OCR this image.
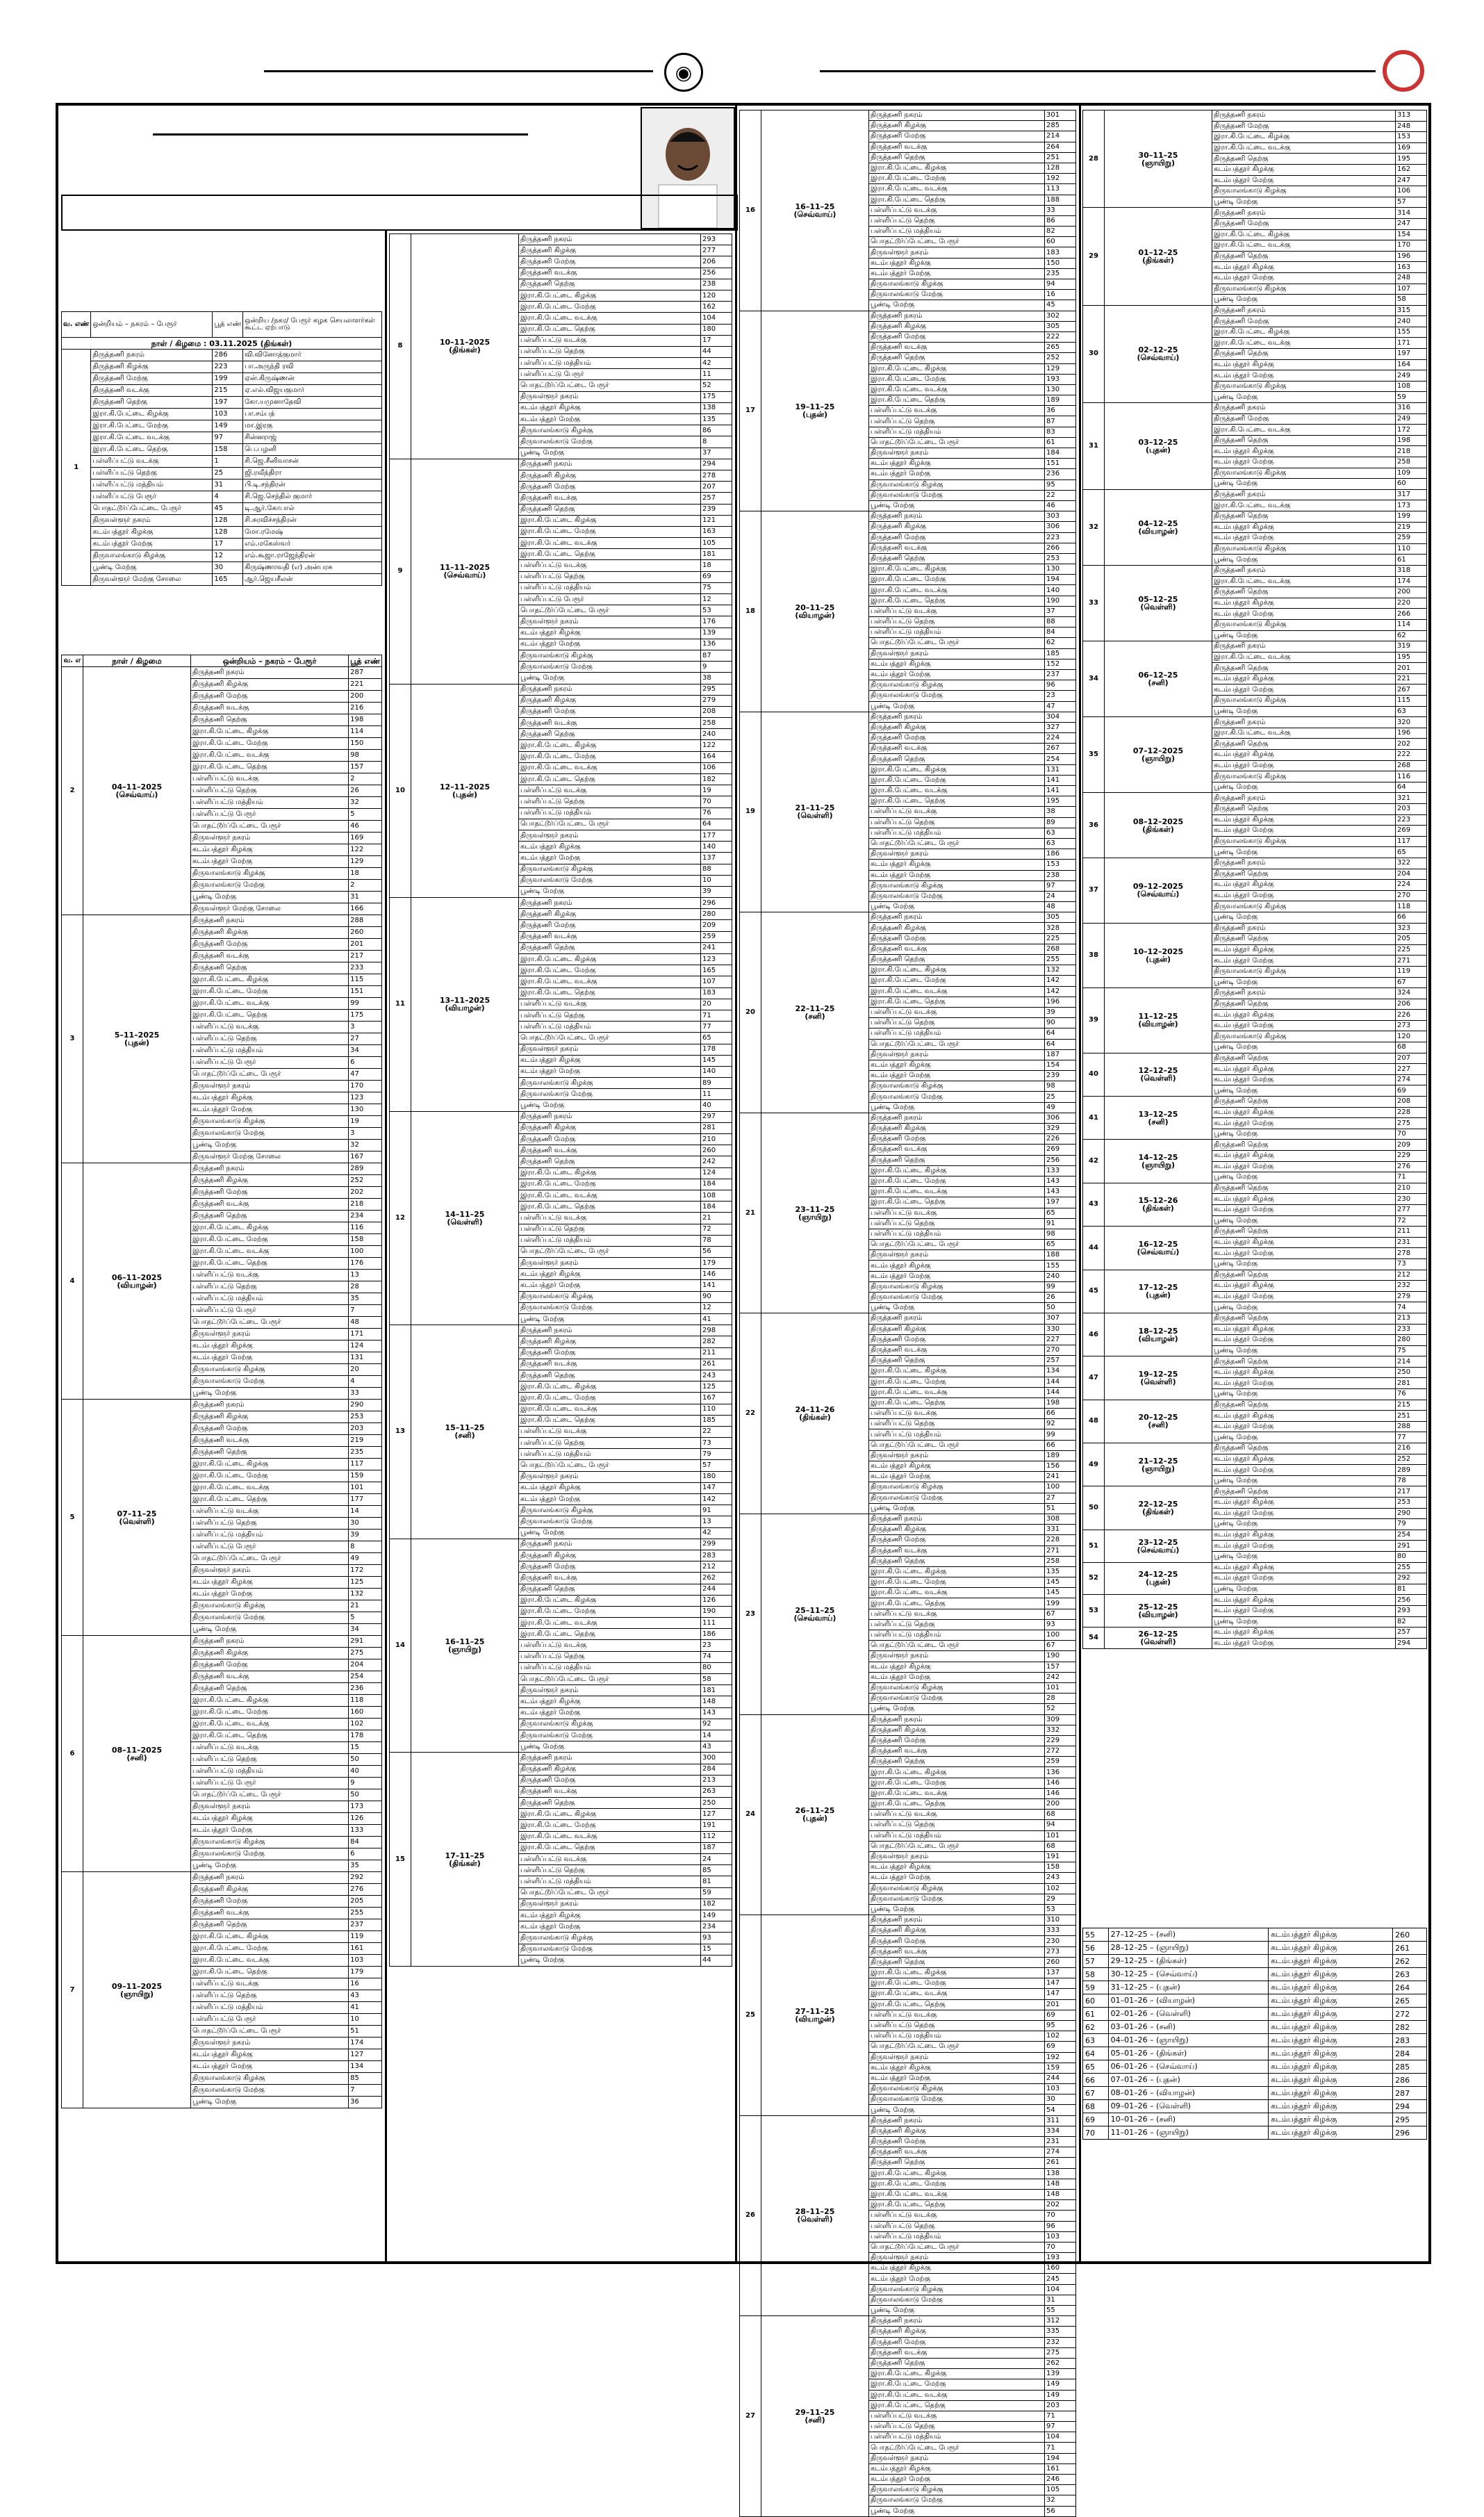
◉
வ. எண்	ஒன்றியம் – நகரம் – பேரூர்	பூத் எண்	ஒன்றிய /நகர/ பேரூர் கழக செயலாளர்கள் கூட்ட ஏற்பாடு
நாள் / கிழமை : 03.11.2025 (திங்கள்)			
1	திருத்தணி நகரம்	286	வி.வினோத்குமார்
	திருத்தணி கிழக்கு	223	பா.அருந்தி ரவி
	திருத்தணி மேற்கு	199	ஏன்.கிருஷ்ணன்
	திருத்தணி வடக்கு	215	ஏ.எல்.விஜயகுமார்
	திருத்தணி தெற்கு	197	கோ.யமுனாதேவி
	இரா.கி.பேட்டை கிழக்கு	103	பா.சம்பத்
	இரா.கி.பேட்டை மேற்கு	149	மா.இரகு
	இரா.கி.பேட்டை வடக்கு	97	சின்னராஜ்
	இரா.கி.பேட்டை தெற்கு	158	பெ.பழனி
	பள்ளிப்பட்டு வடக்கு	1	சி.ஜெ.சீனிவாசன்
	பள்ளிப்பட்டு தெற்கு	25	ஜி.ரவீந்திரா
	பள்ளிப்பட்டு மத்தியம்	31	பி.டி.சந்திரன்
	பள்ளிப்பட்டு பேரூர்	4	சி.ஜெ.செந்தில் குமார்
	பொதட்டூர்ப்பேட்டை பேரூர்	45	டி.ஆர்.கோபால்
	திருவள்ளூர் நகரம்	128	சி.சுரவிச்சந்திரன்
	கடம்பத்தூர் கிழக்கு	128	மோ.ரமேஷ்
	கடம்பத்தூர் மேற்கு	17	எம்.மகேஸ்வர்
	திருவாலங்காடு கிழக்கு	12	எம்.கூஜா.ராஜேந்திரன்
	பூண்டி மேற்கு	30	கிருஷ்ணாவதி (எ) அன்பரசு
	திருவள்ளூர் மேற்கு சோலை	165	ஆர்.ஜெயசீலன்
வ. எ	நாள் / கிழமை	ஒன்றியம் – நகரம் – பேரூர்	பூத் எண்
2	04–11–2025
(செவ்வாய்)	திருத்தணி நகரம்	287
		திருத்தணி கிழக்கு	221
		திருத்தணி மேற்கு	200
		திருத்தணி வடக்கு	216
		திருத்தணி தெற்கு	198
		இரா.கி.பேட்டை கிழக்கு	114
		இரா.கி.பேட்டை மேற்கு	150
		இரா.கி.பேட்டை வடக்கு	98
		இரா.கி.பேட்டை தெற்கு	157
		பள்ளிப்பட்டு வடக்கு	2
		பள்ளிப்பட்டு தெற்கு	26
		பள்ளிப்பட்டு மத்தியம்	32
		பள்ளிப்பட்டு பேரூர்	5
		பொதட்டூர்ப்பேட்டை பேரூர்	46
		திருவள்ளூர் நகரம்	169
		கடம்பத்தூர் கிழக்கு	122
		கடம்பத்தூர் மேற்கு	129
		திருவாலங்காடு கிழக்கு	18
		திருவாலங்காடு மேற்கு	2
		பூண்டி மேற்கு	31
		திருவள்ளூர் மேற்கு சோலை	166
3	5–11–2025
(புதன்)	திருத்தணி நகரம்	288
		திருத்தணி கிழக்கு	260
		திருத்தணி மேற்கு	201
		திருத்தணி வடக்கு	217
		திருத்தணி தெற்கு	233
		இரா.கி.பேட்டை கிழக்கு	115
		இரா.கி.பேட்டை மேற்கு	151
		இரா.கி.பேட்டை வடக்கு	99
		இரா.கி.பேட்டை தெற்கு	175
		பள்ளிப்பட்டு வடக்கு	3
		பள்ளிப்பட்டு தெற்கு	27
		பள்ளிப்பட்டு மத்தியம்	34
		பள்ளிப்பட்டு பேரூர்	6
		பொதட்டூர்ப்பேட்டை பேரூர்	47
		திருவள்ளூர் நகரம்	170
		கடம்பத்தூர் கிழக்கு	123
		கடம்பத்தூர் மேற்கு	130
		திருவாலங்காடு கிழக்கு	19
		திருவாலங்காடு மேற்கு	3
		பூண்டி மேற்கு	32
		திருவள்ளூர் மேற்கு சோலை	167
4	06–11–2025
(வியாழன்)	திருத்தணி நகரம்	289
		திருத்தணி கிழக்கு	252
		திருத்தணி மேற்கு	202
		திருத்தணி வடக்கு	218
		திருத்தணி தெற்கு	234
		இரா.கி.பேட்டை கிழக்கு	116
		இரா.கி.பேட்டை மேற்கு	158
		இரா.கி.பேட்டை வடக்கு	100
		இரா.கி.பேட்டை தெற்கு	176
		பள்ளிப்பட்டு வடக்கு	13
		பள்ளிப்பட்டு தெற்கு	28
		பள்ளிப்பட்டு மத்தியம்	35
		பள்ளிப்பட்டு பேரூர்	7
		பொதட்டூர்ப்பேட்டை பேரூர்	48
		திருவள்ளூர் நகரம்	171
		கடம்பத்தூர் கிழக்கு	124
		கடம்பத்தூர் மேற்கு	131
		திருவாலங்காடு கிழக்கு	20
		திருவாலங்காடு மேற்கு	4
		பூண்டி மேற்கு	33
5	07–11–25
(வெள்ளி)	திருத்தணி நகரம்	290
		திருத்தணி கிழக்கு	253
		திருத்தணி மேற்கு	203
		திருத்தணி வடக்கு	219
		திருத்தணி தெற்கு	235
		இரா.கி.பேட்டை கிழக்கு	117
		இரா.கி.பேட்டை மேற்கு	159
		இரா.கி.பேட்டை வடக்கு	101
		இரா.கி.பேட்டை தெற்கு	177
		பள்ளிப்பட்டு வடக்கு	14
		பள்ளிப்பட்டு தெற்கு	30
		பள்ளிப்பட்டு மத்தியம்	39
		பள்ளிப்பட்டு பேரூர்	8
		பொதட்டூர்ப்பேட்டை பேரூர்	49
		திருவள்ளூர் நகரம்	172
		கடம்பத்தூர் கிழக்கு	125
		கடம்பத்தூர் மேற்கு	132
		திருவாலங்காடு கிழக்கு	21
		திருவாலங்காடு மேற்கு	5
		பூண்டி மேற்கு	34
6	08–11–2025
(சனி)	திருத்தணி நகரம்	291
		திருத்தணி கிழக்கு	275
		திருத்தணி மேற்கு	204
		திருத்தணி வடக்கு	254
		திருத்தணி தெற்கு	236
		இரா.கி.பேட்டை கிழக்கு	118
		இரா.கி.பேட்டை மேற்கு	160
		இரா.கி.பேட்டை வடக்கு	102
		இரா.கி.பேட்டை தெற்கு	178
		பள்ளிப்பட்டு வடக்கு	15
		பள்ளிப்பட்டு தெற்கு	50
		பள்ளிப்பட்டு மத்தியம்	40
		பள்ளிப்பட்டு பேரூர்	9
		பொதட்டூர்ப்பேட்டை பேரூர்	50
		திருவள்ளூர் நகரம்	173
		கடம்பத்தூர் கிழக்கு	126
		கடம்பத்தூர் மேற்கு	133
		திருவாலங்காடு கிழக்கு	84
		திருவாலங்காடு மேற்கு	6
		பூண்டி மேற்கு	35
7	09–11–2025
(ஞாயிறு)	திருத்தணி நகரம்	292
		திருத்தணி கிழக்கு	276
		திருத்தணி மேற்கு	205
		திருத்தணி வடக்கு	255
		திருத்தணி தெற்கு	237
		இரா.கி.பேட்டை கிழக்கு	119
		இரா.கி.பேட்டை மேற்கு	161
		இரா.கி.பேட்டை வடக்கு	103
		இரா.கி.பேட்டை தெற்கு	179
		பள்ளிப்பட்டு வடக்கு	16
		பள்ளிப்பட்டு தெற்கு	43
		பள்ளிப்பட்டு மத்தியம்	41
		பள்ளிப்பட்டு பேரூர்	10
		பொதட்டூர்ப்பேட்டை பேரூர்	51
		திருவள்ளூர் நகரம்	174
		கடம்பத்தூர் கிழக்கு	127
		கடம்பத்தூர் மேற்கு	134
		திருவாலங்காடு கிழக்கு	85
		திருவாலங்காடு மேற்கு	7
		பூண்டி மேற்கு	36
8	10–11–2025
(திங்கள்)	திருத்தணி நகரம்	293
		திருத்தணி கிழக்கு	277
		திருத்தணி மேற்கு	206
		திருத்தணி வடக்கு	256
		திருத்தணி தெற்கு	238
		இரா.கி.பேட்டை கிழக்கு	120
		இரா.கி.பேட்டை மேற்கு	162
		இரா.கி.பேட்டை வடக்கு	104
		இரா.கி.பேட்டை தெற்கு	180
		பள்ளிப்பட்டு வடக்கு	17
		பள்ளிப்பட்டு தெற்கு	44
		பள்ளிப்பட்டு மத்தியம்	42
		பள்ளிப்பட்டு பேரூர்	11
		பொதட்டூர்ப்பேட்டை பேரூர்	52
		திருவள்ளூர் நகரம்	175
		கடம்பத்தூர் கிழக்கு	138
		கடம்பத்தூர் மேற்கு	135
		திருவாலங்காடு கிழக்கு	86
		திருவாலங்காடு மேற்கு	8
		பூண்டி மேற்கு	37
9	11–11–2025
(செவ்வாய்)	திருத்தணி நகரம்	294
		திருத்தணி கிழக்கு	278
		திருத்தணி மேற்கு	207
		திருத்தணி வடக்கு	257
		திருத்தணி தெற்கு	239
		இரா.கி.பேட்டை கிழக்கு	121
		இரா.கி.பேட்டை மேற்கு	163
		இரா.கி.பேட்டை வடக்கு	105
		இரா.கி.பேட்டை தெற்கு	181
		பள்ளிப்பட்டு வடக்கு	18
		பள்ளிப்பட்டு தெற்கு	69
		பள்ளிப்பட்டு மத்தியம்	75
		பள்ளிப்பட்டு பேரூர்	12
		பொதட்டூர்ப்பேட்டை பேரூர்	53
		திருவள்ளூர் நகரம்	176
		கடம்பத்தூர் கிழக்கு	139
		கடம்பத்தூர் மேற்கு	136
		திருவாலங்காடு கிழக்கு	87
		திருவாலங்காடு மேற்கு	9
		பூண்டி மேற்கு	38
10	12–11–2025
(புதன்)	திருத்தணி நகரம்	295
		திருத்தணி கிழக்கு	279
		திருத்தணி மேற்கு	208
		திருத்தணி வடக்கு	258
		திருத்தணி தெற்கு	240
		இரா.கி.பேட்டை கிழக்கு	122
		இரா.கி.பேட்டை மேற்கு	164
		இரா.கி.பேட்டை வடக்கு	106
		இரா.கி.பேட்டை தெற்கு	182
		பள்ளிப்பட்டு வடக்கு	19
		பள்ளிப்பட்டு தெற்கு	70
		பள்ளிப்பட்டு மத்தியம்	76
		பொதட்டூர்ப்பேட்டை பேரூர்	64
		திருவள்ளூர் நகரம்	177
		கடம்பத்தூர் கிழக்கு	140
		கடம்பத்தூர் மேற்கு	137
		திருவாலங்காடு கிழக்கு	88
		திருவாலங்காடு மேற்கு	10
		பூண்டி மேற்கு	39
11	13–11–2025
(வியாழன்)	திருத்தணி நகரம்	296
		திருத்தணி கிழக்கு	280
		திருத்தணி மேற்கு	209
		திருத்தணி வடக்கு	259
		திருத்தணி தெற்கு	241
		இரா.கி.பேட்டை கிழக்கு	123
		இரா.கி.பேட்டை மேற்கு	165
		இரா.கி.பேட்டை வடக்கு	107
		இரா.கி.பேட்டை தெற்கு	183
		பள்ளிப்பட்டு வடக்கு	20
		பள்ளிப்பட்டு தெற்கு	71
		பள்ளிப்பட்டு மத்தியம்	77
		பொதட்டூர்ப்பேட்டை பேரூர்	65
		திருவள்ளூர் நகரம்	178
		கடம்பத்தூர் கிழக்கு	145
		கடம்பத்தூர் மேற்கு	140
		திருவாலங்காடு கிழக்கு	89
		திருவாலங்காடு மேற்கு	11
		பூண்டி மேற்கு	40
12	14–11–25
(வெள்ளி)	திருத்தணி நகரம்	297
		திருத்தணி கிழக்கு	281
		திருத்தணி மேற்கு	210
		திருத்தணி வடக்கு	260
		திருத்தணி தெற்கு	242
		இரா.கி.பேட்டை கிழக்கு	124
		இரா.கி.பேட்டை மேற்கு	184
		இரா.கி.பேட்டை வடக்கு	108
		இரா.கி.பேட்டை தெற்கு	184
		பள்ளிப்பட்டு வடக்கு	21
		பள்ளிப்பட்டு தெற்கு	72
		பள்ளிப்பட்டு மத்தியம்	78
		பொதட்டூர்ப்பேட்டை பேரூர்	56
		திருவள்ளூர் நகரம்	179
		கடம்பத்தூர் கிழக்கு	146
		கடம்பத்தூர் மேற்கு	141
		திருவாலங்காடு கிழக்கு	90
		திருவாலங்காடு மேற்கு	12
		பூண்டி மேற்கு	41
13	15–11–25
(சனி)	திருத்தணி நகரம்	298
		திருத்தணி கிழக்கு	282
		திருத்தணி மேற்கு	211
		திருத்தணி வடக்கு	261
		திருத்தணி தெற்கு	243
		இரா.கி.பேட்டை கிழக்கு	125
		இரா.கி.பேட்டை மேற்கு	167
		இரா.கி.பேட்டை வடக்கு	110
		இரா.கி.பேட்டை தெற்கு	185
		பள்ளிப்பட்டு வடக்கு	22
		பள்ளிப்பட்டு தெற்கு	73
		பள்ளிப்பட்டு மத்தியம்	79
		பொதட்டூர்ப்பேட்டை பேரூர்	57
		திருவள்ளூர் நகரம்	180
		கடம்பத்தூர் கிழக்கு	147
		கடம்பத்தூர் மேற்கு	142
		திருவாலங்காடு கிழக்கு	91
		திருவாலங்காடு மேற்கு	13
		பூண்டி மேற்கு	42
14	16–11–25
(ஞாயிறு)	திருத்தணி நகரம்	299
		திருத்தணி கிழக்கு	283
		திருத்தணி மேற்கு	212
		திருத்தணி வடக்கு	262
		திருத்தணி தெற்கு	244
		இரா.கி.பேட்டை கிழக்கு	126
		இரா.கி.பேட்டை மேற்கு	190
		இரா.கி.பேட்டை வடக்கு	111
		இரா.கி.பேட்டை தெற்கு	186
		பள்ளிப்பட்டு வடக்கு	23
		பள்ளிப்பட்டு தெற்கு	74
		பள்ளிப்பட்டு மத்தியம்	80
		பொதட்டூர்ப்பேட்டை பேரூர்	58
		திருவள்ளூர் நகரம்	181
		கடம்பத்தூர் கிழக்கு	148
		கடம்பத்தூர் மேற்கு	143
		திருவாலங்காடு கிழக்கு	92
		திருவாலங்காடு மேற்கு	14
		பூண்டி மேற்கு	43
15	17–11–25
(திங்கள்)	திருத்தணி நகரம்	300
		திருத்தணி கிழக்கு	284
		திருத்தணி மேற்கு	213
		திருத்தணி வடக்கு	263
		திருத்தணி தெற்கு	250
		இரா.கி.பேட்டை கிழக்கு	127
		இரா.கி.பேட்டை மேற்கு	191
		இரா.கி.பேட்டை வடக்கு	112
		இரா.கி.பேட்டை தெற்கு	187
		பள்ளிப்பட்டு வடக்கு	24
		பள்ளிப்பட்டு தெற்கு	85
		பள்ளிப்பட்டு மத்தியம்	81
		பொதட்டூர்ப்பேட்டை பேரூர்	59
		திருவள்ளூர் நகரம்	182
		கடம்பத்தூர் கிழக்கு	149
		கடம்பத்தூர் மேற்கு	234
		திருவாலங்காடு கிழக்கு	93
		திருவாலங்காடு மேற்கு	15
		பூண்டி மேற்கு	44
16	16–11–25
(செவ்வாய்)	திருத்தணி நகரம்	301
		திருத்தணி கிழக்கு	285
		திருத்தணி மேற்கு	214
		திருத்தணி வடக்கு	264
		திருத்தணி தெற்கு	251
		இரா.கி.பேட்டை கிழக்கு	128
		இரா.கி.பேட்டை மேற்கு	192
		இரா.கி.பேட்டை வடக்கு	113
		இரா.கி.பேட்டை தெற்கு	188
		பள்ளிப்பட்டு வடக்கு	33
		பள்ளிப்பட்டு தெற்கு	86
		பள்ளிப்பட்டு மத்தியம்	82
		பொதட்டூர்ப்பேட்டை பேரூர்	60
		திருவள்ளூர் நகரம்	183
		கடம்பத்தூர் கிழக்கு	150
		கடம்பத்தூர் மேற்கு	235
		திருவாலங்காடு கிழக்கு	94
		திருவாலங்காடு மேற்கு	16
		பூண்டி மேற்கு	45
17	19–11–25
(புதன்)	திருத்தணி நகரம்	302
		திருத்தணி கிழக்கு	305
		திருத்தணி மேற்கு	222
		திருத்தணி வடக்கு	265
		திருத்தணி தெற்கு	252
		இரா.கி.பேட்டை கிழக்கு	129
		இரா.கி.பேட்டை மேற்கு	193
		இரா.கி.பேட்டை வடக்கு	130
		இரா.கி.பேட்டை தெற்கு	189
		பள்ளிப்பட்டு வடக்கு	36
		பள்ளிப்பட்டு தெற்கு	87
		பள்ளிப்பட்டு மத்தியம்	83
		பொதட்டூர்ப்பேட்டை பேரூர்	61
		திருவள்ளூர் நகரம்	184
		கடம்பத்தூர் கிழக்கு	151
		கடம்பத்தூர் மேற்கு	236
		திருவாலங்காடு கிழக்கு	95
		திருவாலங்காடு மேற்கு	22
		பூண்டி மேற்கு	46
18	20–11–25
(வியாழன்)	திருத்தணி நகரம்	303
		திருத்தணி கிழக்கு	306
		திருத்தணி மேற்கு	223
		திருத்தணி வடக்கு	266
		திருத்தணி தெற்கு	253
		இரா.கி.பேட்டை கிழக்கு	130
		இரா.கி.பேட்டை மேற்கு	194
		இரா.கி.பேட்டை வடக்கு	140
		இரா.கி.பேட்டை தெற்கு	190
		பள்ளிப்பட்டு வடக்கு	37
		பள்ளிப்பட்டு தெற்கு	88
		பள்ளிப்பட்டு மத்தியம்	84
		பொதட்டூர்ப்பேட்டை பேரூர்	62
		திருவள்ளூர் நகரம்	185
		கடம்பத்தூர் கிழக்கு	152
		கடம்பத்தூர் மேற்கு	237
		திருவாலங்காடு கிழக்கு	96
		திருவாலங்காடு மேற்கு	23
		பூண்டி மேற்கு	47
19	21–11–25
(வெள்ளி)	திருத்தணி நகரம்	304
		திருத்தணி கிழக்கு	327
		திருத்தணி மேற்கு	224
		திருத்தணி வடக்கு	267
		திருத்தணி தெற்கு	254
		இரா.கி.பேட்டை கிழக்கு	131
		இரா.கி.பேட்டை மேற்கு	141
		இரா.கி.பேட்டை வடக்கு	141
		இரா.கி.பேட்டை தெற்கு	195
		பள்ளிப்பட்டு வடக்கு	38
		பள்ளிப்பட்டு தெற்கு	89
		பள்ளிப்பட்டு மத்தியம்	63
		பொதட்டூர்ப்பேட்டை பேரூர்	63
		திருவள்ளூர் நகரம்	186
		கடம்பத்தூர் கிழக்கு	153
		கடம்பத்தூர் மேற்கு	238
		திருவாலங்காடு கிழக்கு	97
		திருவாலங்காடு மேற்கு	24
		பூண்டி மேற்கு	48
20	22–11–25
(சனி)	திருத்தணி நகரம்	305
		திருத்தணி கிழக்கு	328
		திருத்தணி மேற்கு	225
		திருத்தணி வடக்கு	268
		திருத்தணி தெற்கு	255
		இரா.கி.பேட்டை கிழக்கு	132
		இரா.கி.பேட்டை மேற்கு	142
		இரா.கி.பேட்டை வடக்கு	142
		இரா.கி.பேட்டை தெற்கு	196
		பள்ளிப்பட்டு வடக்கு	39
		பள்ளிப்பட்டு தெற்கு	90
		பள்ளிப்பட்டு மத்தியம்	64
		பொதட்டூர்ப்பேட்டை பேரூர்	64
		திருவள்ளூர் நகரம்	187
		கடம்பத்தூர் கிழக்கு	154
		கடம்பத்தூர் மேற்கு	239
		திருவாலங்காடு கிழக்கு	98
		திருவாலங்காடு மேற்கு	25
		பூண்டி மேற்கு	49
21	23–11–25
(ஞாயிறு)	திருத்தணி நகரம்	306
		திருத்தணி கிழக்கு	329
		திருத்தணி மேற்கு	226
		திருத்தணி வடக்கு	269
		திருத்தணி தெற்கு	256
		இரா.கி.பேட்டை கிழக்கு	133
		இரா.கி.பேட்டை மேற்கு	143
		இரா.கி.பேட்டை வடக்கு	143
		இரா.கி.பேட்டை தெற்கு	197
		பள்ளிப்பட்டு வடக்கு	65
		பள்ளிப்பட்டு தெற்கு	91
		பள்ளிப்பட்டு மத்தியம்	98
		பொதட்டூர்ப்பேட்டை பேரூர்	65
		திருவள்ளூர் நகரம்	188
		கடம்பத்தூர் கிழக்கு	155
		கடம்பத்தூர் மேற்கு	240
		திருவாலங்காடு கிழக்கு	99
		திருவாலங்காடு மேற்கு	26
		பூண்டி மேற்கு	50
22	24–11–26
(திங்கள்)	திருத்தணி நகரம்	307
		திருத்தணி கிழக்கு	330
		திருத்தணி மேற்கு	227
		திருத்தணி வடக்கு	270
		திருத்தணி தெற்கு	257
		இரா.கி.பேட்டை கிழக்கு	134
		இரா.கி.பேட்டை மேற்கு	144
		இரா.கி.பேட்டை வடக்கு	144
		இரா.கி.பேட்டை தெற்கு	198
		பள்ளிப்பட்டு வடக்கு	66
		பள்ளிப்பட்டு தெற்கு	92
		பள்ளிப்பட்டு மத்தியம்	99
		பொதட்டூர்ப்பேட்டை பேரூர்	66
		திருவள்ளூர் நகரம்	189
		கடம்பத்தூர் கிழக்கு	156
		கடம்பத்தூர் மேற்கு	241
		திருவாலங்காடு கிழக்கு	100
		திருவாலங்காடு மேற்கு	27
		பூண்டி மேற்கு	51
23	25–11–25
(செவ்வாய்)	திருத்தணி நகரம்	308
		திருத்தணி கிழக்கு	331
		திருத்தணி மேற்கு	228
		திருத்தணி வடக்கு	271
		திருத்தணி தெற்கு	258
		இரா.கி.பேட்டை கிழக்கு	135
		இரா.கி.பேட்டை மேற்கு	145
		இரா.கி.பேட்டை வடக்கு	145
		இரா.கி.பேட்டை தெற்கு	199
		பள்ளிப்பட்டு வடக்கு	67
		பள்ளிப்பட்டு தெற்கு	93
		பள்ளிப்பட்டு மத்தியம்	100
		பொதட்டூர்ப்பேட்டை பேரூர்	67
		திருவள்ளூர் நகரம்	190
		கடம்பத்தூர் கிழக்கு	157
		கடம்பத்தூர் மேற்கு	242
		திருவாலங்காடு கிழக்கு	101
		திருவாலங்காடு மேற்கு	28
		பூண்டி மேற்கு	52
24	26–11–25
(புதன்)	திருத்தணி நகரம்	309
		திருத்தணி கிழக்கு	332
		திருத்தணி மேற்கு	229
		திருத்தணி வடக்கு	272
		திருத்தணி தெற்கு	259
		இரா.கி.பேட்டை கிழக்கு	136
		இரா.கி.பேட்டை மேற்கு	146
		இரா.கி.பேட்டை வடக்கு	146
		இரா.கி.பேட்டை தெற்கு	200
		பள்ளிப்பட்டு வடக்கு	68
		பள்ளிப்பட்டு தெற்கு	94
		பள்ளிப்பட்டு மத்தியம்	101
		பொதட்டூர்ப்பேட்டை பேரூர்	68
		திருவள்ளூர் நகரம்	191
		கடம்பத்தூர் கிழக்கு	158
		கடம்பத்தூர் மேற்கு	243
		திருவாலங்காடு கிழக்கு	102
		திருவாலங்காடு மேற்கு	29
		பூண்டி மேற்கு	53
25	27–11–25
(வியாழன்)	திருத்தணி நகரம்	310
		திருத்தணி கிழக்கு	333
		திருத்தணி மேற்கு	230
		திருத்தணி வடக்கு	273
		திருத்தணி தெற்கு	260
		இரா.கி.பேட்டை கிழக்கு	137
		இரா.கி.பேட்டை மேற்கு	147
		இரா.கி.பேட்டை வடக்கு	147
		இரா.கி.பேட்டை தெற்கு	201
		பள்ளிப்பட்டு வடக்கு	69
		பள்ளிப்பட்டு தெற்கு	95
		பள்ளிப்பட்டு மத்தியம்	102
		பொதட்டூர்ப்பேட்டை பேரூர்	69
		திருவள்ளூர் நகரம்	192
		கடம்பத்தூர் கிழக்கு	159
		கடம்பத்தூர் மேற்கு	244
		திருவாலங்காடு கிழக்கு	103
		திருவாலங்காடு மேற்கு	30
		பூண்டி மேற்கு	54
26	28–11–25
(வெள்ளி)	திருத்தணி நகரம்	311
		திருத்தணி கிழக்கு	334
		திருத்தணி மேற்கு	231
		திருத்தணி வடக்கு	274
		திருத்தணி தெற்கு	261
		இரா.கி.பேட்டை கிழக்கு	138
		இரா.கி.பேட்டை மேற்கு	148
		இரா.கி.பேட்டை வடக்கு	148
		இரா.கி.பேட்டை தெற்கு	202
		பள்ளிப்பட்டு வடக்கு	70
		பள்ளிப்பட்டு தெற்கு	96
		பள்ளிப்பட்டு மத்தியம்	103
		பொதட்டூர்ப்பேட்டை பேரூர்	70
		திருவள்ளூர் நகரம்	193
		கடம்பத்தூர் கிழக்கு	160
		கடம்பத்தூர் மேற்கு	245
		திருவாலங்காடு கிழக்கு	104
		திருவாலங்காடு மேற்கு	31
		பூண்டி மேற்கு	55
27	29–11–25
(சனி)	திருத்தணி நகரம்	312
		திருத்தணி கிழக்கு	335
		திருத்தணி மேற்கு	232
		திருத்தணி வடக்கு	275
		திருத்தணி தெற்கு	262
		இரா.கி.பேட்டை கிழக்கு	139
		இரா.கி.பேட்டை மேற்கு	149
		இரா.கி.பேட்டை வடக்கு	149
		இரா.கி.பேட்டை தெற்கு	203
		பள்ளிப்பட்டு வடக்கு	71
		பள்ளிப்பட்டு தெற்கு	97
		பள்ளிப்பட்டு மத்தியம்	104
		பொதட்டூர்ப்பேட்டை பேரூர்	71
		திருவள்ளூர் நகரம்	194
		கடம்பத்தூர் கிழக்கு	161
		கடம்பத்தூர் மேற்கு	246
		திருவாலங்காடு கிழக்கு	105
		திருவாலங்காடு மேற்கு	32
		பூண்டி மேற்கு	56
28	30–11–25
(ஞாயிறு)	திருத்தணி நகரம்	313
		திருத்தணி மேற்கு	248
		இரா.கி.பேட்டை கிழக்கு	153
		இரா.கி.பேட்டை வடக்கு	169
		திருத்தணி தெற்கு	195
		கடம்பத்தூர் கிழக்கு	162
		கடம்பத்தூர் மேற்கு	247
		திருவாலங்காடு கிழக்கு	106
		பூண்டி மேற்கு	57
29	01–12–25
(திங்கள்)	திருத்தணி நகரம்	314
		திருத்தணி மேற்கு	247
		இரா.கி.பேட்டை கிழக்கு	154
		இரா.கி.பேட்டை வடக்கு	170
		திருத்தணி தெற்கு	196
		கடம்பத்தூர் கிழக்கு	163
		கடம்பத்தூர் மேற்கு	248
		திருவாலங்காடு கிழக்கு	107
		பூண்டி மேற்கு	58
30	02–12–25
(செவ்வாய்)	திருத்தணி நகரம்	315
		திருத்தணி மேற்கு	240
		இரா.கி.பேட்டை கிழக்கு	155
		இரா.கி.பேட்டை வடக்கு	171
		திருத்தணி தெற்கு	197
		கடம்பத்தூர் கிழக்கு	164
		கடம்பத்தூர் மேற்கு	249
		திருவாலங்காடு கிழக்கு	108
		பூண்டி மேற்கு	59
31	03–12–25
(புதன்)	திருத்தணி நகரம்	316
		திருத்தணி மேற்கு	249
		இரா.கி.பேட்டை வடக்கு	172
		திருத்தணி தெற்கு	198
		கடம்பத்தூர் கிழக்கு	218
		கடம்பத்தூர் மேற்கு	258
		திருவாலங்காடு கிழக்கு	109
		பூண்டி மேற்கு	60
32	04–12–25
(வியாழன்)	திருத்தணி நகரம்	317
		இரா.கி.பேட்டை வடக்கு	173
		திருத்தணி தெற்கு	199
		கடம்பத்தூர் கிழக்கு	219
		கடம்பத்தூர் மேற்கு	259
		திருவாலங்காடு கிழக்கு	110
		பூண்டி மேற்கு	61
33	05–12–25
(வெள்ளி)	திருத்தணி நகரம்	318
		இரா.கி.பேட்டை வடக்கு	174
		திருத்தணி தெற்கு	200
		கடம்பத்தூர் கிழக்கு	220
		கடம்பத்தூர் மேற்கு	266
		திருவாலங்காடு கிழக்கு	114
		பூண்டி மேற்கு	62
34	06–12–25
(சனி)	திருத்தணி நகரம்	319
		இரா.கி.பேட்டை வடக்கு	195
		திருத்தணி தெற்கு	201
		கடம்பத்தூர் கிழக்கு	221
		கடம்பத்தூர் மேற்கு	267
		திருவாலங்காடு கிழக்கு	115
		பூண்டி மேற்கு	63
35	07–12–2025
(ஞாயிறு)	திருத்தணி நகரம்	320
		இரா.கி.பேட்டை வடக்கு	196
		திருத்தணி தெற்கு	202
		கடம்பத்தூர் கிழக்கு	222
		கடம்பத்தூர் மேற்கு	268
		திருவாலங்காடு கிழக்கு	116
		பூண்டி மேற்கு	64
36	08–12–2025
(திங்கள்)	திருத்தணி நகரம்	321
		திருத்தணி தெற்கு	203
		கடம்பத்தூர் கிழக்கு	223
		கடம்பத்தூர் மேற்கு	269
		திருவாலங்காடு கிழக்கு	117
		பூண்டி மேற்கு	65
37	09–12–2025
(செவ்வாய்)	திருத்தணி நகரம்	322
		திருத்தணி தெற்கு	204
		கடம்பத்தூர் கிழக்கு	224
		கடம்பத்தூர் மேற்கு	270
		திருவாலங்காடு கிழக்கு	118
		பூண்டி மேற்கு	66
38	10–12–2025
(புதன்)	திருத்தணி நகரம்	323
		திருத்தணி தெற்கு	205
		கடம்பத்தூர் கிழக்கு	225
		கடம்பத்தூர் மேற்கு	271
		திருவாலங்காடு கிழக்கு	119
		பூண்டி மேற்கு	67
39	11–12–25
(வியாழன்)	திருத்தணி நகரம்	324
		திருத்தணி தெற்கு	206
		கடம்பத்தூர் கிழக்கு	226
		கடம்பத்தூர் மேற்கு	273
		திருவாலங்காடு கிழக்கு	120
		பூண்டி மேற்கு	68
40	12–12–25
(வெள்ளி)	திருத்தணி தெற்கு	207
		கடம்பத்தூர் கிழக்கு	227
		கடம்பத்தூர் மேற்கு	274
		பூண்டி மேற்கு	69
41	13–12–25
(சனி)	திருத்தணி தெற்கு	208
		கடம்பத்தூர் கிழக்கு	228
		கடம்பத்தூர் மேற்கு	275
		பூண்டி மேற்கு	70
42	14–12–25
(ஞாயிறு)	திருத்தணி தெற்கு	209
		கடம்பத்தூர் கிழக்கு	229
		கடம்பத்தூர் மேற்கு	276
		பூண்டி மேற்கு	71
43	15–12–26
(திங்கள்)	திருத்தணி தெற்கு	210
		கடம்பத்தூர் கிழக்கு	230
		கடம்பத்தூர் மேற்கு	277
		பூண்டி மேற்கு	72
44	16–12–25
(செவ்வாய்)	திருத்தணி தெற்கு	211
		கடம்பத்தூர் கிழக்கு	231
		கடம்பத்தூர் மேற்கு	278
		பூண்டி மேற்கு	73
45	17–12–25
(புதன்)	திருத்தணி தெற்கு	212
		கடம்பத்தூர் கிழக்கு	232
		கடம்பத்தூர் மேற்கு	279
		பூண்டி மேற்கு	74
46	18–12–25
(வியாழன்)	திருத்தணி தெற்கு	213
		கடம்பத்தூர் கிழக்கு	233
		கடம்பத்தூர் மேற்கு	280
		பூண்டி மேற்கு	75
47	19–12–25
(வெள்ளி)	திருத்தணி தெற்கு	214
		கடம்பத்தூர் கிழக்கு	250
		கடம்பத்தூர் மேற்கு	281
		பூண்டி மேற்கு	76
48	20–12–25
(சனி)	திருத்தணி தெற்கு	215
		கடம்பத்தூர் கிழக்கு	251
		கடம்பத்தூர் மேற்கு	288
		பூண்டி மேற்கு	77
49	21–12–25
(ஞாயிறு)	திருத்தணி தெற்கு	216
		கடம்பத்தூர் கிழக்கு	252
		கடம்பத்தூர் மேற்கு	289
		பூண்டி மேற்கு	78
50	22–12–25
(திங்கள்)	திருத்தணி தெற்கு	217
		கடம்பத்தூர் கிழக்கு	253
		கடம்பத்தூர் மேற்கு	290
		பூண்டி மேற்கு	79
51	23–12–25
(செவ்வாய்)	கடம்பத்தூர் கிழக்கு	254
		கடம்பத்தூர் மேற்கு	291
		பூண்டி மேற்கு	80
52	24–12–25
(புதன்)	கடம்பத்தூர் கிழக்கு	255
		கடம்பத்தூர் மேற்கு	292
		பூண்டி மேற்கு	81
53	25–12–25
(வியாழன்)	கடம்பத்தூர் கிழக்கு	256
		கடம்பத்தூர் மேற்கு	293
		பூண்டி மேற்கு	82
54	26–12–25
(வெள்ளி)	கடம்பத்தூர் கிழக்கு	257
		கடம்பத்தூர் மேற்கு	294
55	27–12–25 – (சனி)	கடம்பத்தூர் கிழக்கு	260
56	28–12–25 – (ஞாயிறு)	கடம்பத்தூர் கிழக்கு	261
57	29–12–25 – (திங்கள்)	கடம்பத்தூர் கிழக்கு	262
58	30–12–25 – (செவ்வாய்)	கடம்பத்தூர் கிழக்கு	263
59	31–12–25 – (புதன்)	கடம்பத்தூர் கிழக்கு	264
60	01–01–26 – (வியாழன்)	கடம்பத்தூர் கிழக்கு	265
61	02–01–26 – (வெள்ளி)	கடம்பத்தூர் கிழக்கு	272
62	03–01–26 – (சனி)	கடம்பத்தூர் கிழக்கு	282
63	04–01–26 – (ஞாயிறு)	கடம்பத்தூர் கிழக்கு	283
64	05–01–26 – (திங்கள்)	கடம்பத்தூர் கிழக்கு	284
65	06–01–26 – (செவ்வாய்)	கடம்பத்தூர் கிழக்கு	285
66	07–01–26 – (புதன்)	கடம்பத்தூர் கிழக்கு	286
67	08–01–26 – (வியாழன்)	கடம்பத்தூர் கிழக்கு	287
68	09–01–26 – (வெள்ளி)	கடம்பத்தூர் கிழக்கு	294
69	10–01–26 – (சனி)	கடம்பத்தூர் கிழக்கு	295
70	11–01–26 – (ஞாயிறு)	கடம்பத்தூர் கிழக்கு	296
